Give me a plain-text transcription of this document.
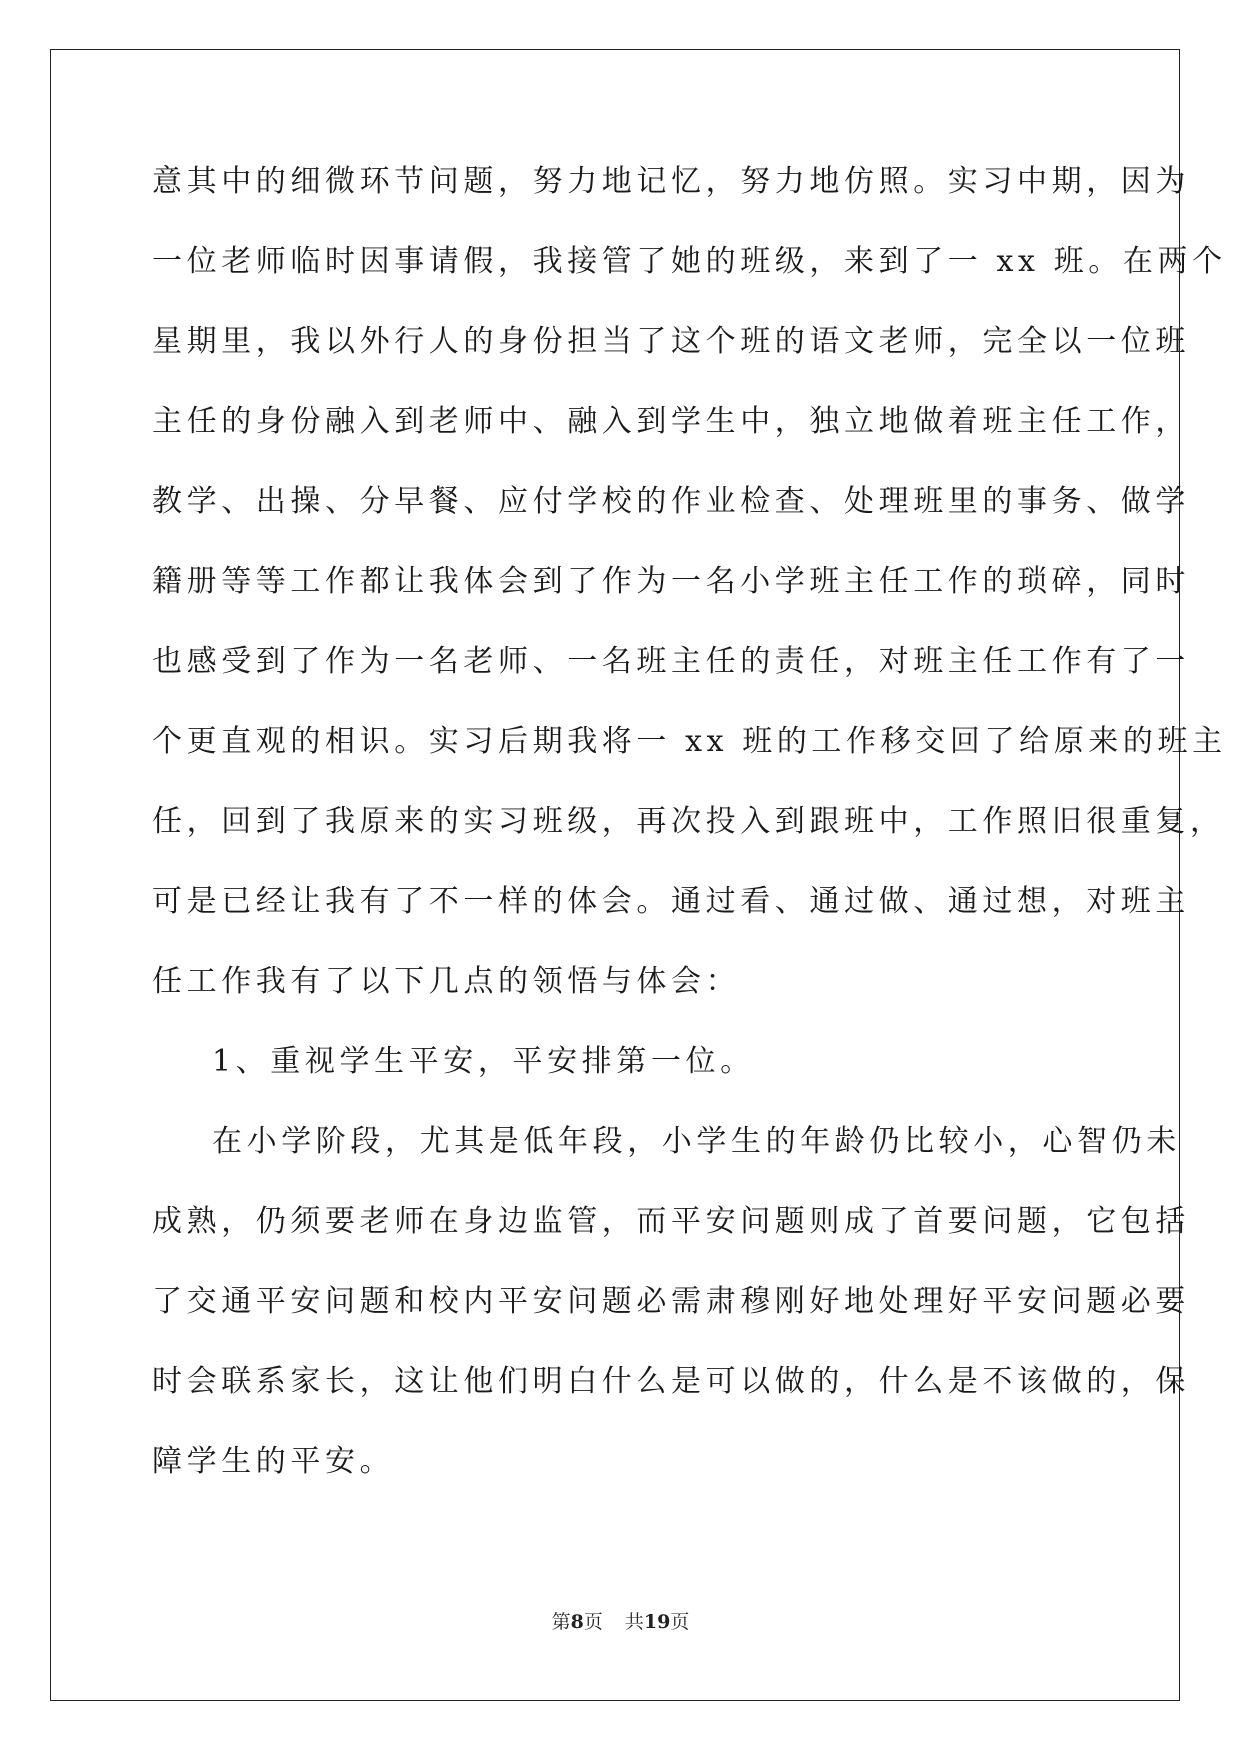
意其中的细微环节问题，努力地记忆，努力地仿照。实习中期，因为
一位老师临时因事请假，我接管了她的班级，来到了一 xx 班。在两个
星期里，我以外行人的身份担当了这个班的语文老师，完全以一位班
主任的身份融入到老师中、融入到学生中，独立地做着班主任工作，
教学、出操、分早餐、应付学校的作业检查、处理班里的事务、做学
籍册等等工作都让我体会到了作为一名小学班主任工作的琐碎，同时
也感受到了作为一名老师、一名班主任的责任，对班主任工作有了一
个更直观的相识。实习后期我将一 xx 班的工作移交回了给原来的班主
任，回到了我原来的实习班级，再次投入到跟班中，工作照旧很重复，
可是已经让我有了不一样的体会。通过看、通过做、通过想，对班主
任工作我有了以下几点的领悟与体会：
1、重视学生平安，平安排第一位。
在小学阶段，尤其是低年段，小学生的年龄仍比较小，心智仍未
成熟，仍须要老师在身边监管，而平安问题则成了首要问题，它包括
了交通平安问题和校内平安问题必需肃穆刚好地处理好平安问题必要
时会联系家长，这让他们明白什么是可以做的，什么是不该做的，保
障学生的平安。
第8页 共19页
